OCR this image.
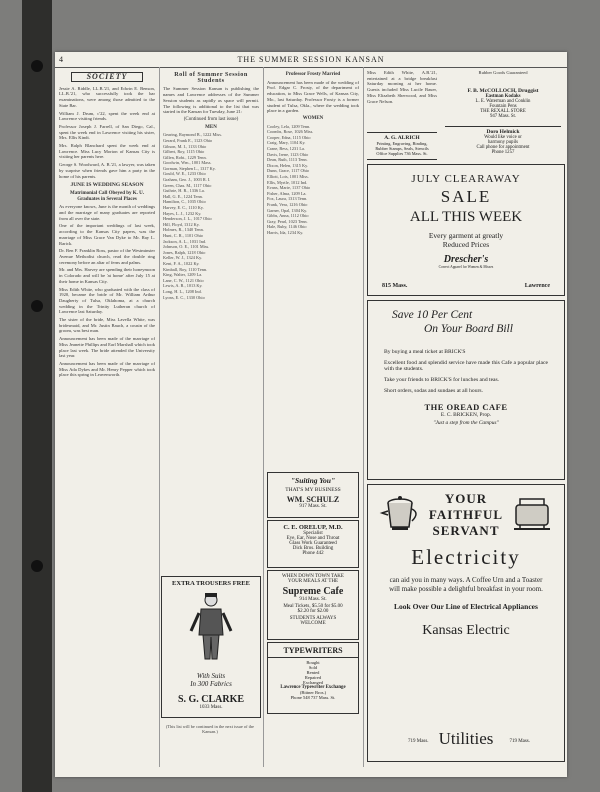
4	THE SUMMER SESSION KANSAN
SOCIETY

Jessie A. Riddle, LL.B.'21, and Edwin E. Benson, LL.B.'21, who successfully took the bar examinations, were among those admitted to the State Bar.

William J. Drum, c'22, spent the week end at Lawrence visiting friends.

Professor Joseph J. Farrell, of San Diego, Cal., spent the week end in Lawrence visiting his sister, Mrs. Ellis Kindt.

Mrs. Ralph Blanchard spent the week end at Lawrence. Miss Lucy Morton of Kansas City is visiting her parents here.

George S. Woodward, A. B.'21, a lawyer, was taken by surprise when friends gave him a party in the home of his parents.

JUNE IS WEDDING SEASON
Matrimonial Call Obeyed by K. U. Graduates in Several Places

As everyone knows, June is the month of weddings and the marriage of many graduates are reported from all over the state.

One of the important weddings of last week, according to the Kansas City papers, was the marriage of Miss Grace Van Dyke to Mr. Ray L. Rarick.

Dr. Ben F. Franklin Ross, pastor of the Westminster Avenue Methodist church, read the double ring ceremony before an altar of ferns and palms.

Mr. and Mrs. Harvey are spending their honeymoon in Colorado and will be 'at home' after July 15 at their home in Kansas City.

Miss Edith White, who graduated with the class of 1920, became the bride of Mr. William Arthur Daugherty of Tulsa, Oklahoma, at a church wedding in the Trinity Lutheran church of Lawrence last Saturday.

The sister of the bride, Miss Lavella White, was bridesmaid, and Mr. Justin Bauch, a cousin of the groom, was best man.

Announcement has been made of the marriage of Miss Jeanette Phillips and Earl Marshall which took place last week. The bride attended the University last year.

Announcement has been made of the marriage of Miss Ada Dykes and Mr. Henry Pepper which took place this spring in Leavenworth.

Roll of Summer Session Students

The Summer Session Kansan is publishing the names and Lawrence addresses of the Summer Session students as rapidly as space will permit. The following is additional to the list that was started in the Kansan for Tuesday, June 21:

(Continued from last issue)
MEN
Gearing, Raymond B., 1222 Miss.
Gerard, Frank E., 1123 Ohio
Gibson, M. I., 1133 Ohio
Gilbert, Roy, 1115 Ohio
Gillen, Robt., 1229 Tenn.
Goodwin, Wm., 1001 Mass.
Gorman, Stephen L., 1317 Ky.
Gould, W. E., 1233 Ohio
Graham, Geo. J., 1003 R. I.
Green, Chas. M., 1117 Ohio
Guthrie, H. R., 1336 La.
Hall, G. E., 1224 Tenn.
Hamilton, C., 1035 Ohio
Harvey, E. C., 1110 Ky.
Hayes, L. J., 1232 Ky.
Henderson, J. L., 1017 Ohio
Hill, Floyd, 1312 Ky.
Holmes, R., 1340 Tenn.
Hunt, C. R., 1101 Ohio
Jackson, A. L., 1031 Ind.
Johnson, O. E., 1101 Miss.
Jones, Ralph, 1218 Ohio
Keller, W. J., 1324 Ky.
Kent, F. A., 1022 Ky.
Kimball, Roy, 1110 Tenn.
King, Walter, 1209 La.
Lane, C. W., 1121 Ohio
Lewis, A. R., 1013 Ky.
Long, H. L., 1208 Ind.
Lyons, E. C., 1330 Ohio
Professor Frosty Married

Announcement has been made of the wedding of Prof. Edgar C. Frosty, of the department of education, to Miss Grace Wells, of Kansas City, Mo., last Saturday. Professor Frosty is a former student of Tulsa, Okla., where the wedding took place in a garden.

WOMEN
Cooley, Lela, 1209 Tenn.
Coombs, Rose, 1026 Miss.
Cooper, Edna, 1115 Ohio
Craig, Mary, 1104 Ky.
Crane, Bess, 1231 La.
Davis, Irene, 1123 Ohio
Dean, Ruth, 1113 Tenn.
Dixon, Helen, 1315 Ky.
Dunn, Grace, 1117 Ohio
Elliott, Lois, 1001 Miss.
Ellis, Myrtle, 1012 Ind.
Evans, Marie, 1137 Ohio
Fisher, Alma, 1209 La.
Fox, Laura, 1313 Tenn.
Frank, Vera, 1216 Ohio
Garner, Opal, 1304 Ky.
Gibbs, Anna, 1112 Ohio
Gray, Pearl, 1023 Tenn.
Hale, Ruby, 1146 Ohio
Harris, Ida, 1234 Ky.
"Suiting You"
THAT'S MY BUSINESS
WM. SCHULZ
917 Mass. St.
C. E. ORELUP, M.D.
Specialist
Eye, Ear, Nose and Throat
Glass Work Guaranteed
Dick Bros. Building
Phone 442
WHEN DOWN TOWN TAKE
YOUR MEALS AT THE
Supreme Cafe
914 Mass. St.
Meal Tickets, $5.50 for $5.00
$2.20 for $2.00
STUDENTS ALWAYS
WELCOME
TYPEWRITERS
Bought
Sold
Rented
Repaired
Exchanged
Lawrence Typewriter Exchange
(Bittner Bros.)
Phone 548 737 Mass. St.

Miss Edith White, A.B.'21, entertained at a bridge breakfast Saturday morning at her home. Guests included Miss Lucile Bauer, Miss Elizabeth Sherwood, and Miss Grace Nelson.

A. G. ALRICH
Printing, Engraving, Binding,
Rubber Stamps, Seals, Stencils
Office Supplies 736 Mass. St.
Rubber Goods Guaranteed
F. B. McCOLLOCH, Druggist
Eastman Kodaks
L. E. Waterman and Conklin
Fountain Pens
THE REXALL STORE
947 Mass. St.
Doro Helmick
Would like voice or
harmony pupils
Call phone for appointment
Phone 1257
JULY CLEARAWAY
SALE
ALL THIS WEEK
Every garment at greatly
Reduced Prices
Drescher's
Correct Apparel for Women & Misses
815 Mass.	Lawrence
Save 10 Per Cent
On Your Board Bill
By buying a meal ticket at BRICK'S
Excellent food and splendid service have made this Cafe a popular place with the students.
Take your friends to BRICK'S for lunches and teas.
Short orders, sodas and sundaes at all hours.
THE OREAD CAFE
E. C. BRICKEN, Prop.
"Just a step from the Campus"
YOUR
FAITHFUL
SERVANT
Electricity
can aid you in many ways. A Coffee Urn and a Toaster will make possible a delightful breakfast in your room.
Look Over Our Line of Electrical Appliances
Kansas Electric
719 Mass. Utilities	719 Mass.
EXTRA TROUSERS FREE
With Suits
In 300 Fabrics
S. G. CLARKE
1033 Mass.
(This list will be continued in the next issue of the Kansan.)
